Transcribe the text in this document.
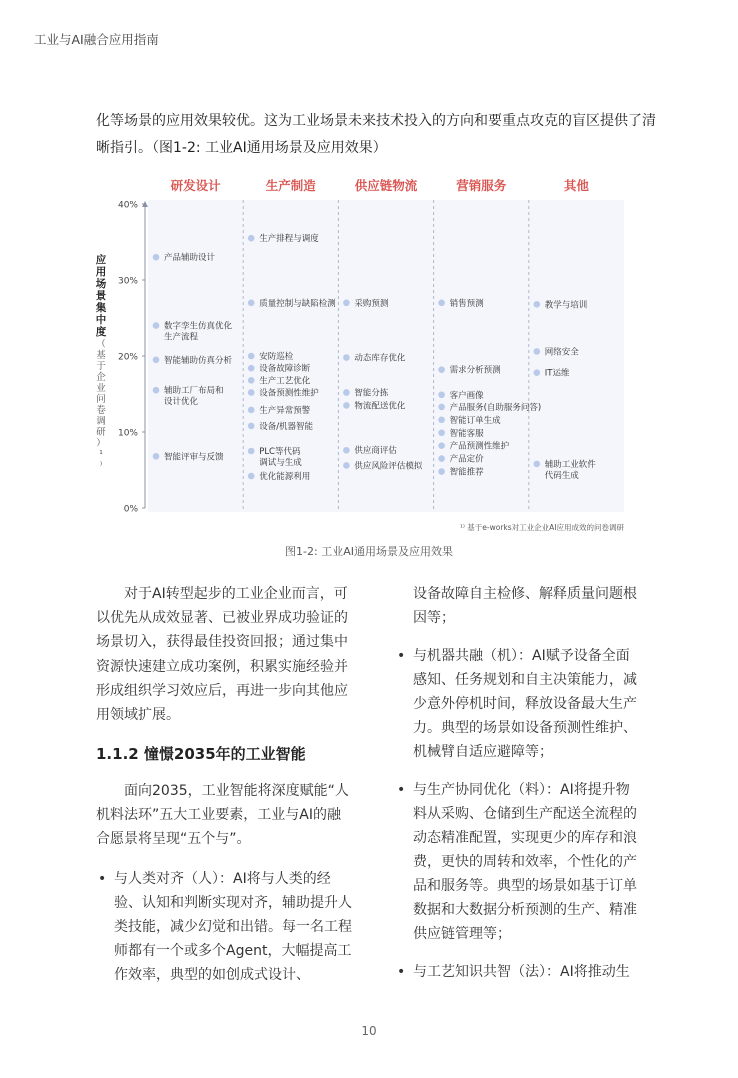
工业与AI融合应用指南
化等场景的应用效果较优。这为工业场景未来技术投入的方向和要重点攻克的盲区提供了清晰指引。（图1-2: 工业AI通用场景及应用效果）
研发设计	生产制造	供应链物流	营销服务	其他
0%
10%
20%
30%
40%
应
用
场
景
集
中
度
（
基
于
企
业
问
卷
调
研
）
¹
⁾
产品辅助设计
数字孪生仿真优化生产流程
智能辅助仿真分析
辅助工厂布局和设计优化
智能评审与反馈
生产排程与调度
质量控制与缺陷检测
安防巡检
设备故障诊断
生产工艺优化
设备预测性维护
生产异常预警
设备/机器智能
PLC等代码调试与生成
优化能源利用
采购预测
动态库存优化
智能分拣
物流配送优化
供应商评估
供应风险评估模拟
销售预测
需求分析预测
客户画像
产品服务(自助服务问答)
智能订单生成
智能客服
产品预测性维护
产品定价
智能推荐
教学与培训
网络安全
IT运维
辅助工业软件代码生成
¹⁾ 基于e-works对工业企业AI应用成效的问卷调研
图1-2: 工业AI通用场景及应用效果

对于AI转型起步的工业企业而言，可以优先从成效显著、已被业界成功验证的场景切入，获得最佳投资回报；通过集中资源快速建立成功案例，积累实施经验并形成组织学习效应后，再进一步向其他应用领域扩展。

1.1.2 憧憬2035年的工业智能

面向2035，工业智能将深度赋能“人机料法环”五大工业要素，工业与AI的融合愿景将呈现“五个与”。

• 与人类对齐（人）：AI将与人类的经验、认知和判断实现对齐，辅助提升人类技能，减少幻觉和出错。每一名工程师都有一个或多个Agent，大幅提高工作效率，典型的如创成式设计、

设备故障自主检修、解释质量问题根因等；

• 与机器共融（机）：AI赋予设备全面感知、任务规划和自主决策能力，减少意外停机时间，释放设备最大生产力。典型的场景如设备预测性维护、机械臂自适应避障等；

• 与生产协同优化（料）：AI将提升物料从采购、仓储到生产配送全流程的动态精准配置，实现更少的库存和浪费，更快的周转和效率，个性化的产品和服务等。典型的场景如基于订单数据和大数据分析预测的生产、精准供应链管理等；

• 与工艺知识共智（法）：AI将推动生

10
